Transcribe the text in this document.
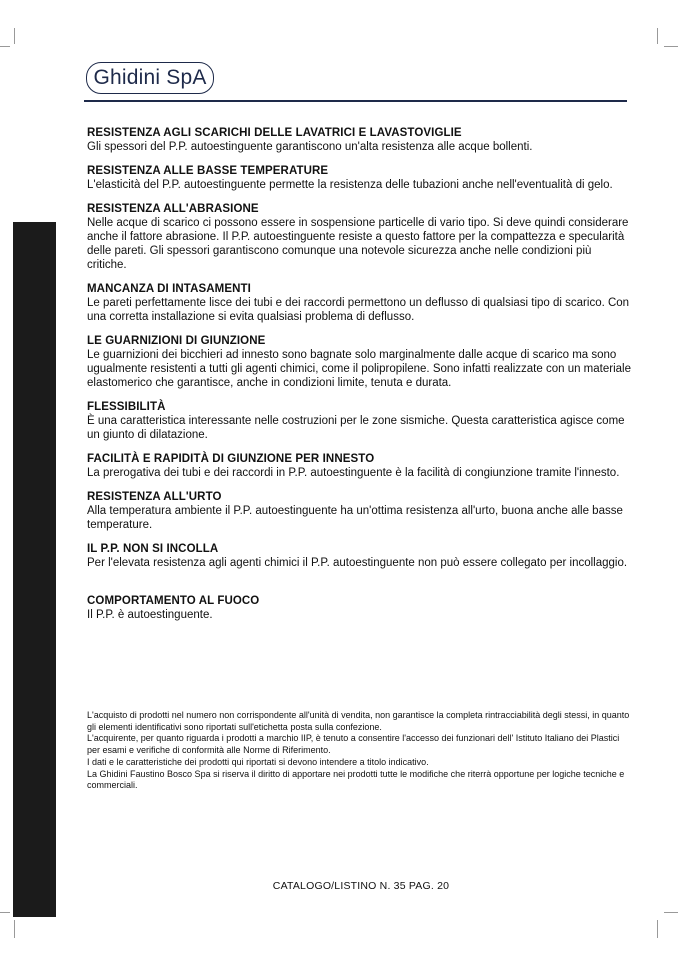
Ghidini SpA

RESISTENZA AGLI SCARICHI DELLE LAVATRICI E LAVASTOVIGLIE

Gli spessori del P.P. autoestinguente garantiscono un'alta resistenza alle acque bollenti.

RESISTENZA ALLE BASSE TEMPERATURE

L'elasticità del P.P. autoestinguente permette la resistenza delle tubazioni anche nell'eventualità di gelo.

RESISTENZA ALL'ABRASIONE

Nelle acque di scarico ci possono essere in sospensione particelle di vario tipo. Si deve quindi considerare anche il fattore abrasione. Il P.P. autoestinguente resiste a questo fattore per la compattezza e specularità delle pareti. Gli spessori garantiscono comunque una notevole sicurezza anche nelle condizioni più critiche.

MANCANZA DI INTASAMENTI

Le pareti perfettamente lisce dei tubi e dei raccordi permettono un deflusso di qualsiasi tipo di scarico. Con una corretta installazione si evita qualsiasi problema di deflusso.

LE GUARNIZIONI DI GIUNZIONE

Le guarnizioni dei bicchieri ad innesto sono bagnate solo marginalmente dalle acque di scarico ma sono ugualmente resistenti a tutti gli agenti chimici, come il polipropilene. Sono infatti realizzate con un materiale elastomerico che garantisce, anche in condizioni limite, tenuta e durata.

FLESSIBILITÀ

È una caratteristica interessante nelle costruzioni per le zone sismiche. Questa caratteristica agisce come un giunto di dilatazione.

FACILITÀ E RAPIDITÀ DI GIUNZIONE PER INNESTO

La prerogativa dei tubi e dei raccordi in P.P. autoestinguente è la facilità di congiunzione tramite l'innesto.

RESISTENZA ALL'URTO

Alla temperatura ambiente il P.P. autoestinguente ha un'ottima resistenza all'urto, buona anche alle basse temperature.

IL P.P. NON SI INCOLLA

Per l'elevata resistenza agli agenti chimici il P.P. autoestinguente non può essere collegato per incollaggio.

COMPORTAMENTO AL FUOCO

Il P.P. è autoestinguente.

L'acquisto di prodotti nel numero non corrispondente all'unità di vendita, non garantisce la completa rintracciabilità degli stessi, in quanto gli elementi identificativi sono riportati sull'etichetta posta sulla confezione.

L'acquirente, per quanto riguarda i prodotti a marchio IIP, è tenuto a consentire l'accesso dei funzionari dell' Istituto Italiano dei Plastici per esami e verifiche di conformità alle Norme di Riferimento.

I dati e le caratteristiche dei prodotti qui riportati si devono intendere a titolo indicativo.

La Ghidini Faustino Bosco Spa si riserva il diritto di apportare nei prodotti tutte le modifiche che riterrà opportune per logiche tecniche e commerciali.

CATALOGO/LISTINO N. 35 PAG. 20
